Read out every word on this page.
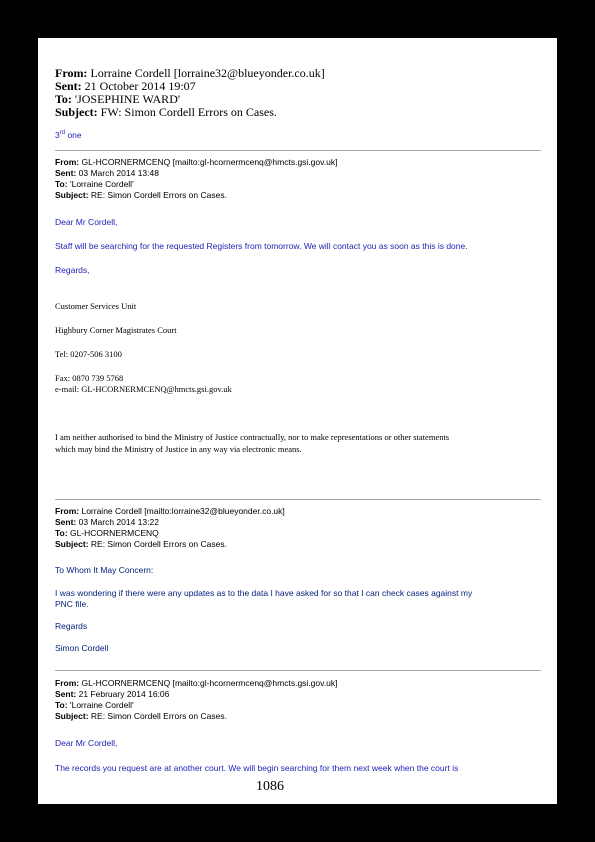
From: Lorraine Cordell [lorraine32@blueyonder.co.uk]
Sent: 21 October 2014 19:07
To: 'JOSEPHINE WARD'
Subject: FW: Simon Cordell Errors on Cases.
3rd one
From: GL-HCORNERMCENQ [mailto:gl-hcornermcenq@hmcts.gsi.gov.uk]
Sent: 03 March 2014 13:48
To: 'Lorraine Cordell'
Subject: RE: Simon Cordell Errors on Cases.
Dear Mr Cordell,
Staff will be searching for the requested Registers from tomorrow. We will contact you as soon as this is done.
Regards,
Customer Services Unit
Highbury Corner Magistrates Court
Tel: 0207-506 3100
Fax: 0870 739 5768
e-mail: GL-HCORNERMCENQ@hmcts.gsi.gov.uk
I am neither authorised to bind the Ministry of Justice contractually, nor to make representations or other statements
which may bind the Ministry of Justice in any way via electronic means.
From: Lorraine Cordell [mailto:lorraine32@blueyonder.co.uk]
Sent: 03 March 2014 13:22
To: GL-HCORNERMCENQ
Subject: RE: Simon Cordell Errors on Cases.
To Whom It May Concern:
I was wondering if there were any updates as to the data I have asked for so that I can check cases against my
PNC file.
Regards
Simon Cordell
From: GL-HCORNERMCENQ [mailto:gl-hcornermcenq@hmcts.gsi.gov.uk]
Sent: 21 February 2014 16:06
To: 'Lorraine Cordell'
Subject: RE: Simon Cordell Errors on Cases.
Dear Mr Cordell,
The records you request are at another court. We will begin searching for them next week when the court is
1086
